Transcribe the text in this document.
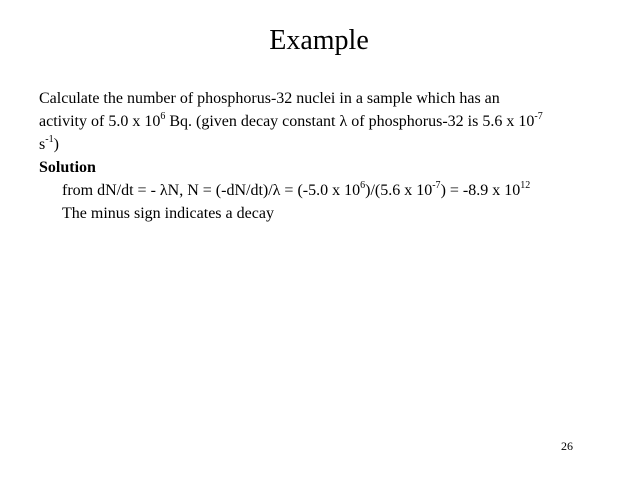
Example
Calculate the number of phosphorus-32 nuclei in a sample which has an
activity of 5.0 x $10^6$ Bq. (given decay constant λ of phosphorus-32 is 5.6 x $10^{-7}$
$s^{-1}$)
Solution
from dN/dt = - λN, N = (-dN/dt)/λ = (-5.0 x $10^6)/(5.6$ x $10^{-7}) = -8.9$ x $10^{12}$
The minus sign indicates a decay
26
